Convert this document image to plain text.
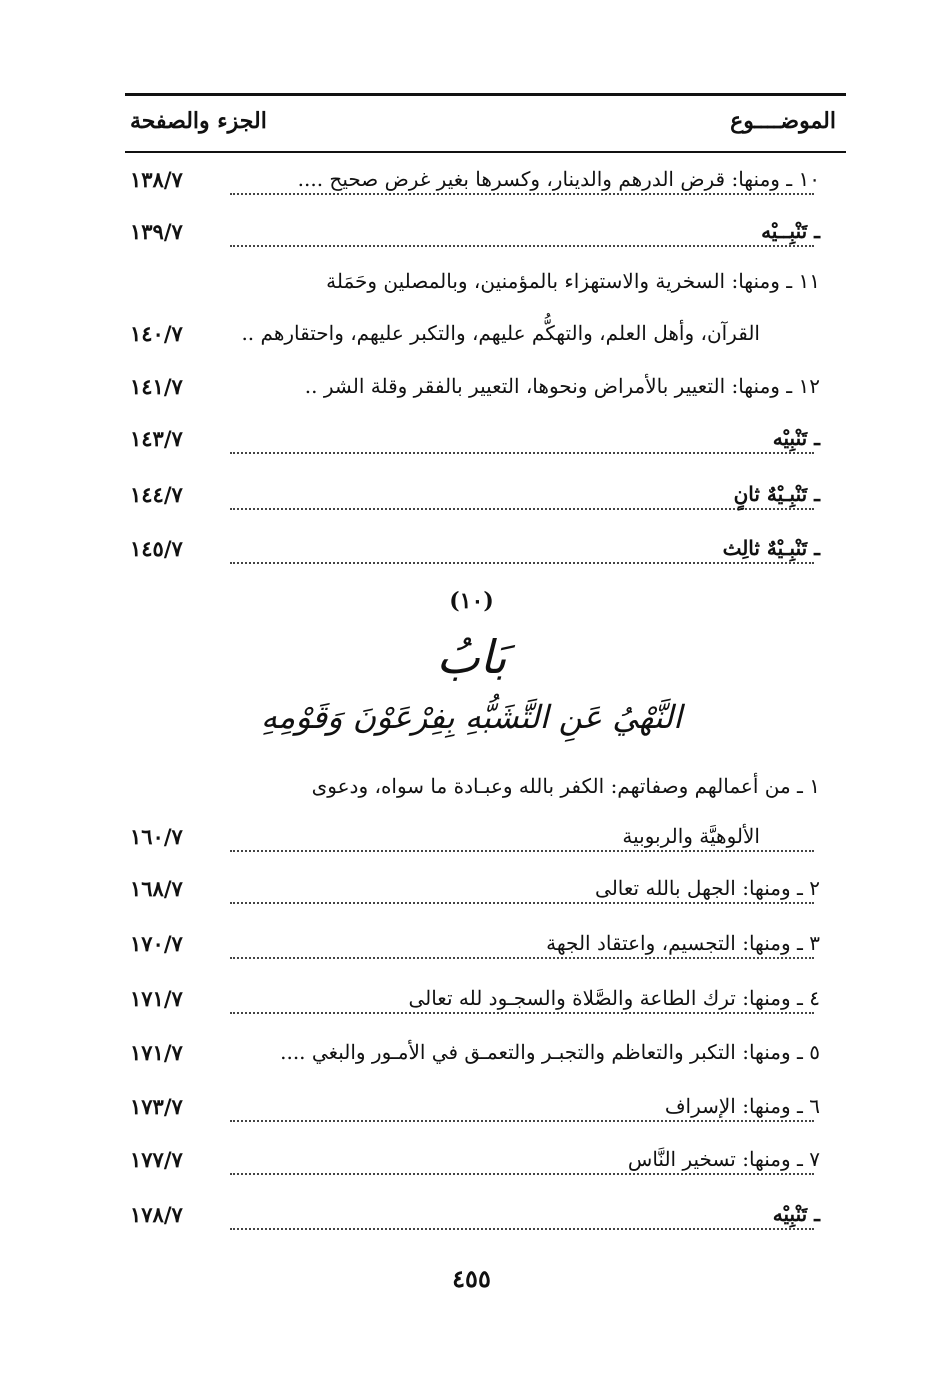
الموضــــوع
الجزء والصفحة
١٠ ـ ومنها: قرض الدرهم والدينار، وكسرها بغير غرض صحيح ....
١٣٨/٧
ـ تَنْبِــيْه
١٣٩/٧
١١ ـ ومنها: السخرية والاستهزاء بالمؤمنين، وبالمصلين وحَمَلة
القرآن، وأهل العلم، والتهكُّم عليهم، والتكبر عليهم، واحتقارهم ..
١٤٠/٧
١٢ ـ ومنها: التعيير بالأمراض ونحوها، التعيير بالفقر وقلة الشر ..
١٤١/٧
ـ تَنْبِيْه
١٤٣/٧
ـ تَنْبِـيْهٌ ثانٍ
١٤٤/٧
ـ تَنْبِـيْهٌ ثالِث
١٤٥/٧
(١٠)
بَابُ
النَّهْيُ عَنِ التَّشَبُّهِ بِفِرْعَوْنَ وَقَوْمِهِ
١ ـ من أعمالهم وصفاتهم: الكفر بالله وعبـادة ما سواه، ودعوى
الألوهيَّة والربوبية
١٦٠/٧
٢ ـ ومنها: الجهل بالله تعالى
١٦٨/٧
٣ ـ ومنها: التجسيم، واعتقاد الجهة
١٧٠/٧
٤ ـ ومنها: ترك الطاعة والصَّلاة والسجـود لله تعالى
١٧١/٧
٥ ـ ومنها: التكبر والتعاظم والتجبـر والتعمـق في الأمـور والبغي ....
١٧١/٧
٦ ـ ومنها: الإسراف
١٧٣/٧
٧ ـ ومنها: تسخير النَّاس
١٧٧/٧
ـ تَنْبِيْه
١٧٨/٧
٤٥٥
